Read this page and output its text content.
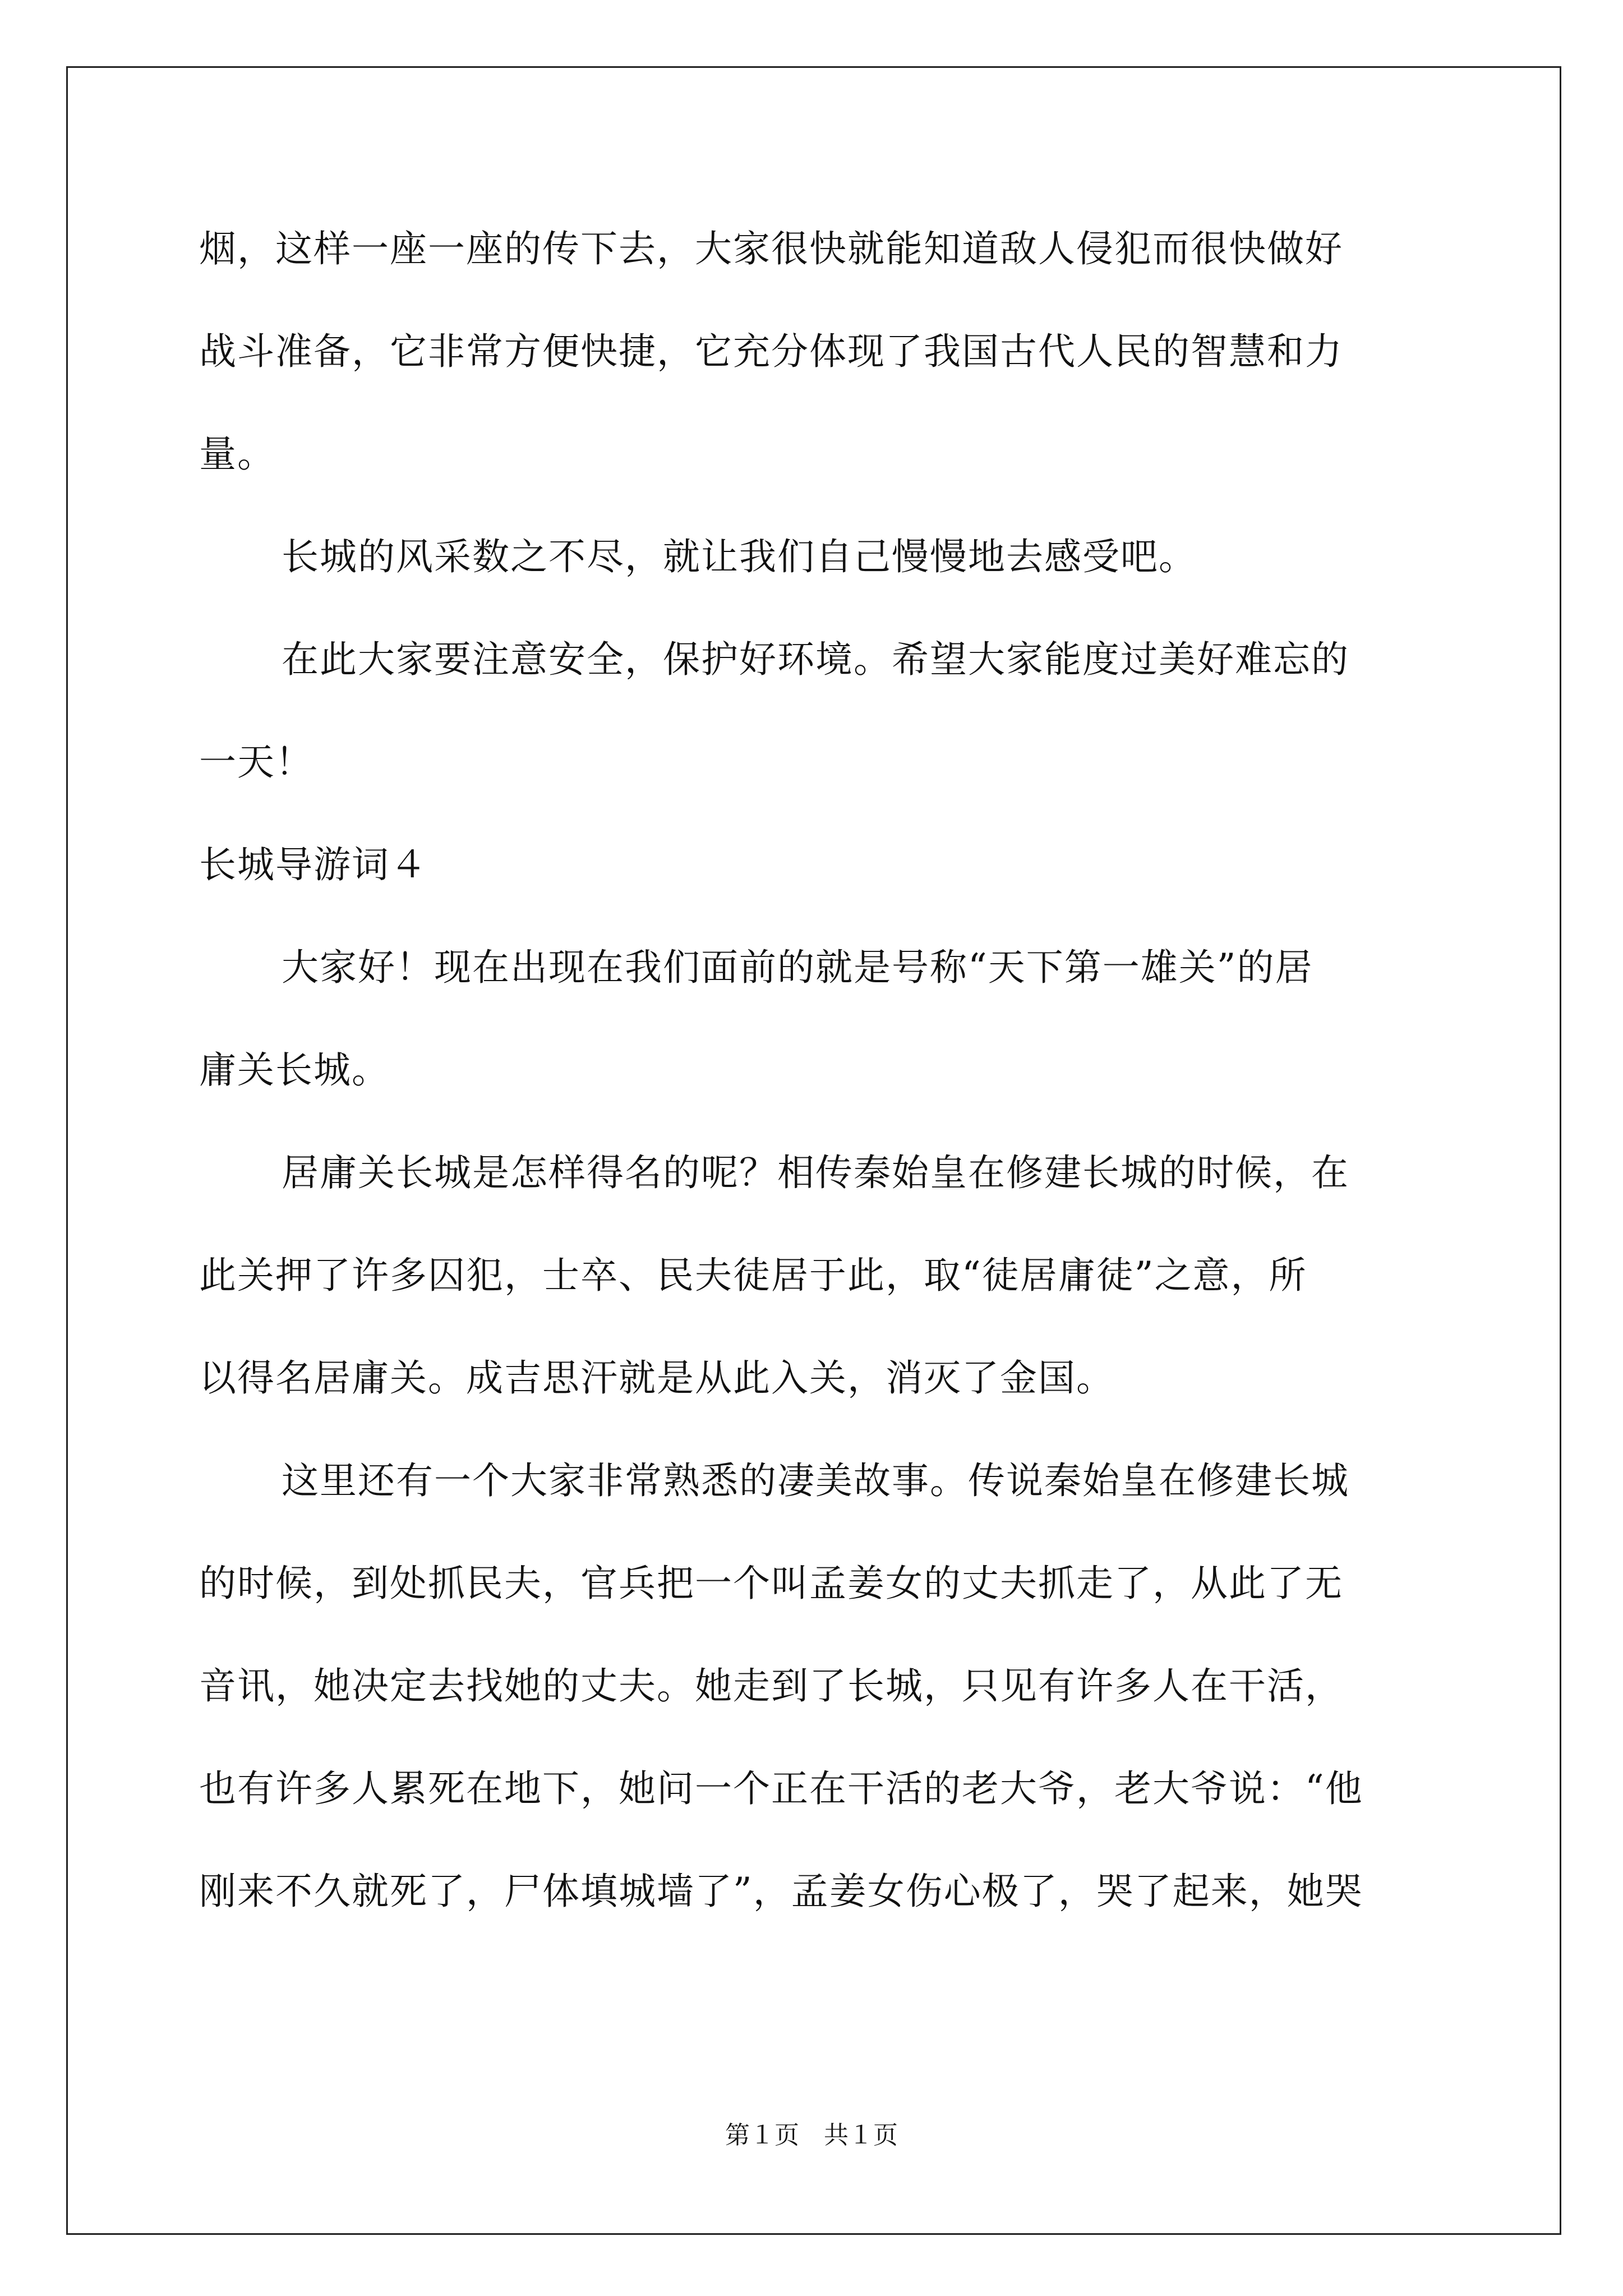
烟，这样一座一座的传下去，大家很快就能知道敌人侵犯而很快做好
战斗准备，它非常方便快捷，它充分体现了我国古代人民的智慧和力
量。
长城的风采数之不尽，就让我们自己慢慢地去感受吧。
在此大家要注意安全，保护好环境。希望大家能度过美好难忘的
一天！
长城导游词４
大家好！现在出现在我们面前的就是号称“天下第一雄关”的居
庸关长城。
居庸关长城是怎样得名的呢？相传秦始皇在修建长城的时候，在
此关押了许多囚犯，士卒、民夫徒居于此，取“徒居庸徒”之意，所
以得名居庸关。成吉思汗就是从此入关，消灭了金国。
这里还有一个大家非常熟悉的凄美故事。传说秦始皇在修建长城
的时候，到处抓民夫，官兵把一个叫孟姜女的丈夫抓走了，从此了无
音讯，她决定去找她的丈夫。她走到了长城，只见有许多人在干活，
也有许多人累死在地下，她问一个正在干活的老大爷，老大爷说：“他
刚来不久就死了，尸体填城墙了”，孟姜女伤心极了，哭了起来，她哭
第１页　共１页
